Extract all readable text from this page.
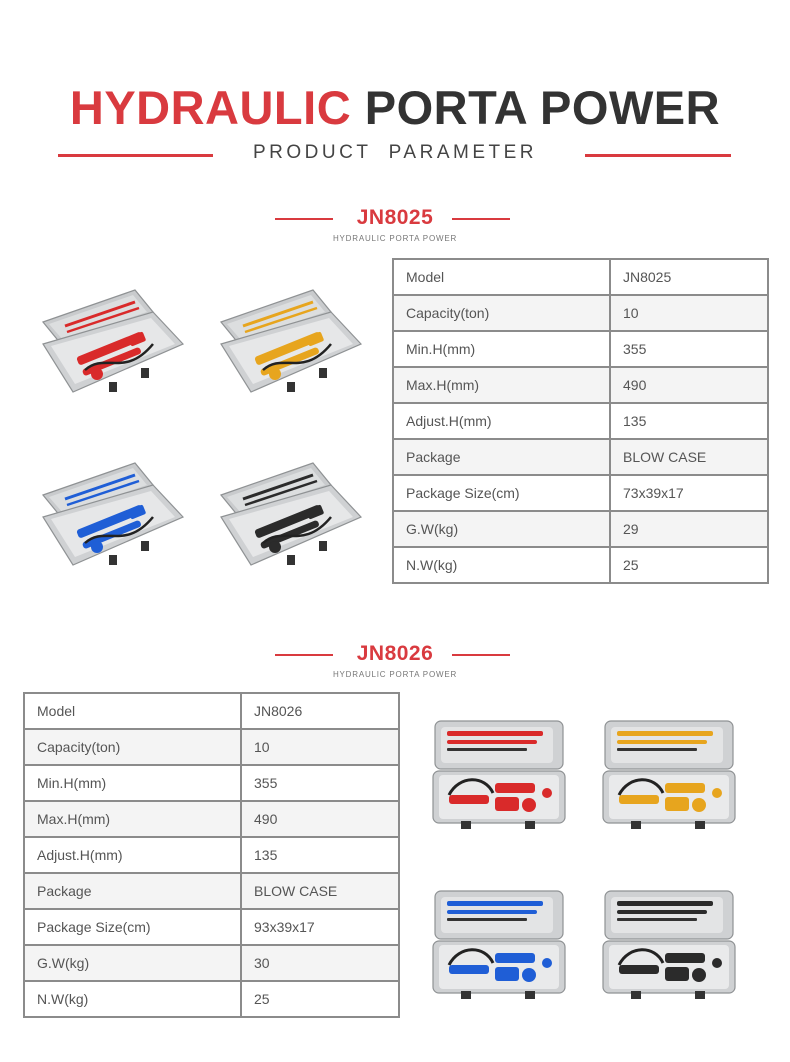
HYDRAULIC PORTA POWER
PRODUCT  PARAMETER
JN8025
HYDRAULIC PORTA POWER
Model	JN8025
Capacity(ton)	10
Min.H(mm)	355
Max.H(mm)	490
Adjust.H(mm)	135
Package	BLOW CASE
Package Size(cm)	73x39x17
G.W(kg)	29
N.W(kg)	25
JN8026
HYDRAULIC PORTA POWER
Model	JN8026
Capacity(ton)	10
Min.H(mm)	355
Max.H(mm)	490
Adjust.H(mm)	135
Package	BLOW CASE
Package Size(cm)	93x39x17
G.W(kg)	30
N.W(kg)	25
